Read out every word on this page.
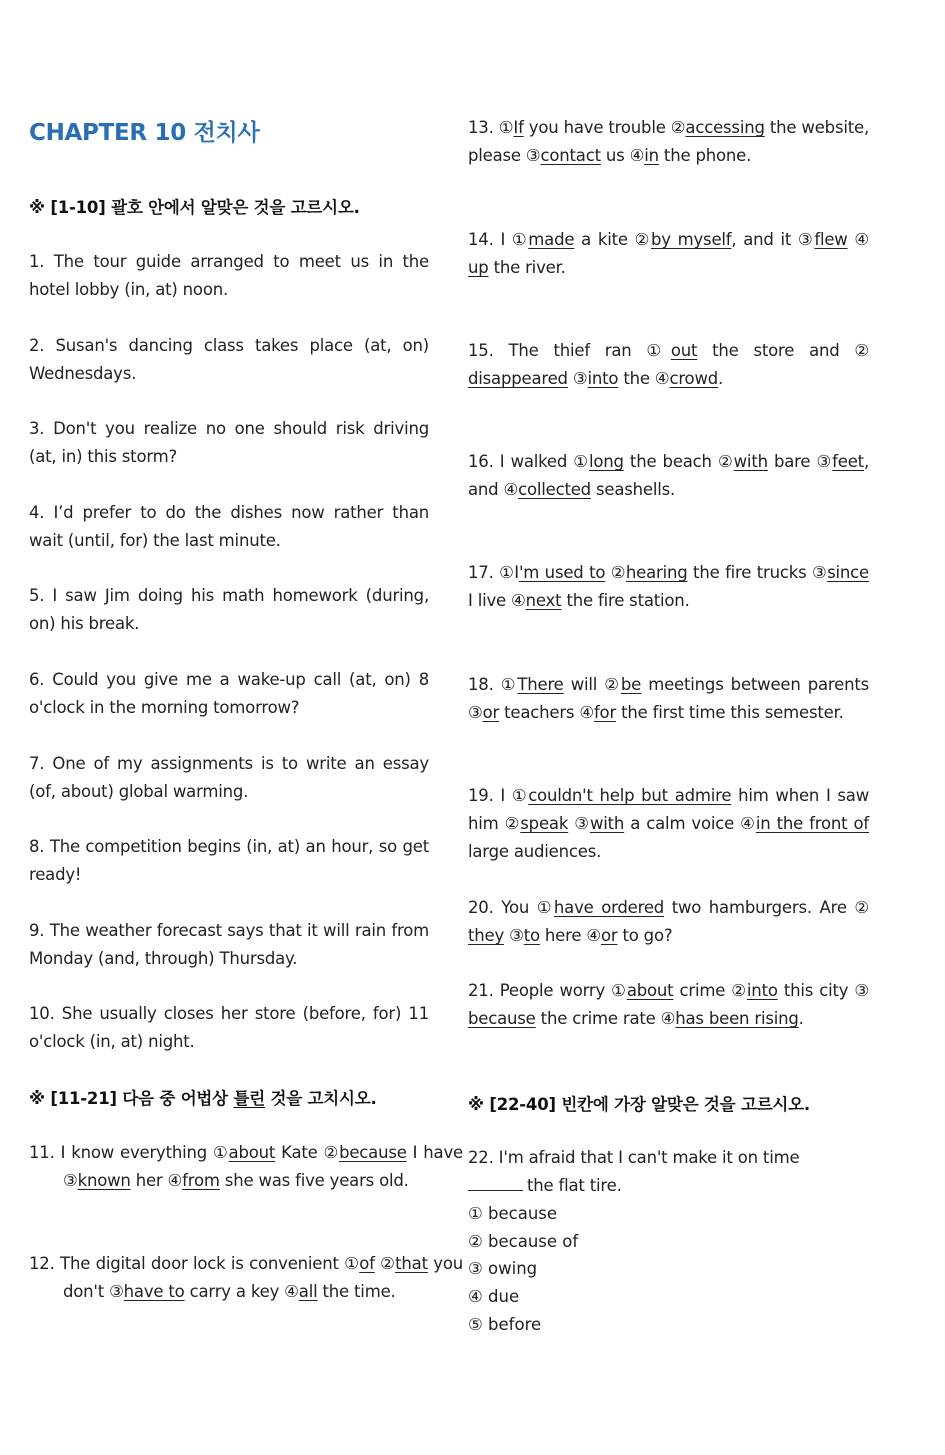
CHAPTER 10 전치사
※ [1-10] 괄호 안에서 알맞은 것을 고르시오.
1. The tour guide arranged to meet us in the hotel lobby (in, at) noon.
2. Susan's dancing class takes place (at, on) Wednesdays.
3. Don't you realize no one should risk driving (at, in) this storm?
4. I’d prefer to do the dishes now rather than wait (until, for) the last minute.
5. I saw Jim doing his math homework (during, on) his break.
6. Could you give me a wake-up call (at, on) 8 o'clock in the morning tomorrow?
7. One of my assignments is to write an essay (of, about) global warming.
8. The competition begins (in, at) an hour, so get ready!
9. The weather forecast says that it will rain from Monday (and, through) Thursday.
10. She usually closes her store (before, for) 11 o'clock (in, at) night.
※ [11-21] 다음 중 어법상 틀린 것을 고치시오.
11. I know everything ①about Kate ②because I have ③known her ④from she was five years old.
12. The digital door lock is convenient ①of ②that you don't ③have to carry a key ④all the time.
13. ①If you have trouble ②accessing the website, please ③contact us ④in the phone.
14. I ①made a kite ②by myself, and it ③flew ④ up the river.
15. The thief ran ①out the store and ② disappeared ③into the ④crowd.
16. I walked ①long the beach ②with bare ③feet, and ④collected seashells.
17. ①I'm used to ②hearing the fire trucks ③since I live ④next the fire station.
18. ①There will ②be meetings between parents ③or teachers ④for the first time this semester.
19. I ①couldn't help but admire him when I saw him ②speak ③with a calm voice ④in the front of large audiences.
20. You ①have ordered two hamburgers. Are ② they ③to here ④or to go?
21. People worry ①about crime ②into this city ③ because the crime rate ④has been rising.
※ [22-40] 빈칸에 가장 알맞은 것을 고르시오.
22. I'm afraid that I can't make it on time
the flat tire.
① because
② because of
③ owing
④ due
⑤ before
